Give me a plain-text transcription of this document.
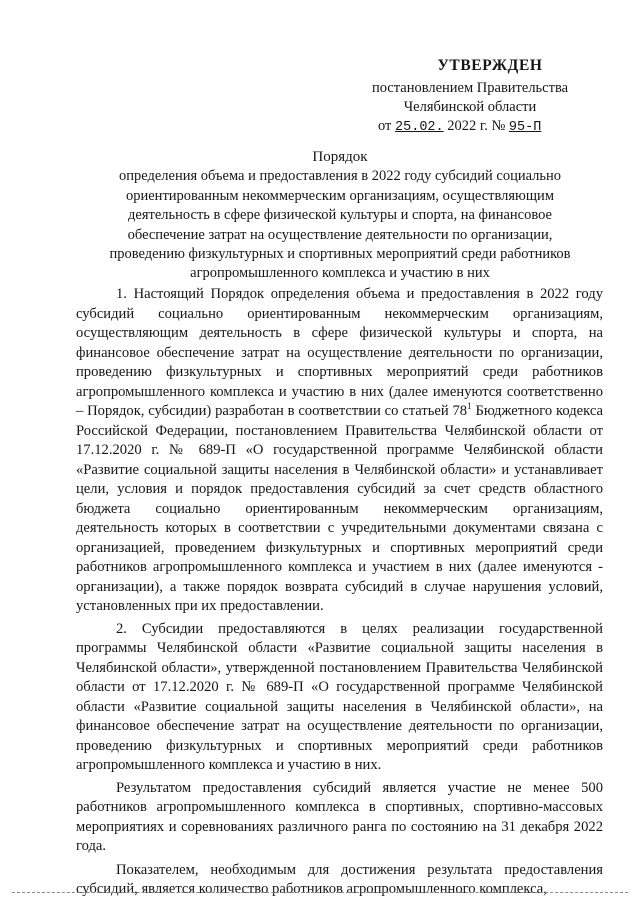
УТВЕРЖДЕН
постановлением Правительства
Челябинской области
от 25.02. 2022 г. № 95-П
Порядок
определения объема и предоставления в 2022 году субсидий социально
ориентированным некоммерческим организациям, осуществляющим
деятельность в сфере физической культуры и спорта, на финансовое
обеспечение затрат на осуществление деятельности по организации,
проведению физкультурных и спортивных мероприятий среди работников
агропромышленного комплекса и участию в них

1. Настоящий Порядок определения объема и предоставления в 2022 году субсидий социально ориентированным некоммерческим организациям, осуществляющим деятельность в сфере физической культуры и спорта, на финансовое обеспечение затрат на осуществление деятельности по организации, проведению физкультурных и спортивных мероприятий среди работников агропромышленного комплекса и участию в них (далее именуются соответственно – Порядок, субсидии) разработан в соответствии со статьей $78^1$ Бюджетного кодекса Российской Федерации, постановлением Правительства Челябинской области от 17.12.2020 г. № 689-П «О государственной программе Челябинской области «Развитие социальной защиты населения в Челябинской области» и устанавливает цели, условия и порядок предоставления субсидий за счет средств областного бюджета социально ориентированным некоммерческим организациям, деятельность которых в соответствии с учредительными документами связана с организацией, проведением физкультурных и спортивных мероприятий среди работников агропромышленного комплекса и участием в них (далее именуются - организации), а также порядок возврата субсидий в случае нарушения условий, установленных при их предоставлении.

2. Субсидии предоставляются в целях реализации государственной программы Челябинской области «Развитие социальной защиты населения в Челябинской области», утвержденной постановлением Правительства Челябинской области от 17.12.2020 г. № 689-П «О государственной программе Челябинской области «Развитие социальной защиты населения в Челябинской области», на финансовое обеспечение затрат на осуществление деятельности по организации, проведению физкультурных и спортивных мероприятий среди работников агропромышленного комплекса и участию в них.

Результатом предоставления субсидий является участие не менее 500 работников агропромышленного комплекса в спортивных, спортивно-массовых мероприятиях и соревнованиях различного ранга по состоянию на 31 декабря 2022 года.

Показателем, необходимым для достижения результата предоставления субсидий, является количество работников агропромышленного комплекса,
